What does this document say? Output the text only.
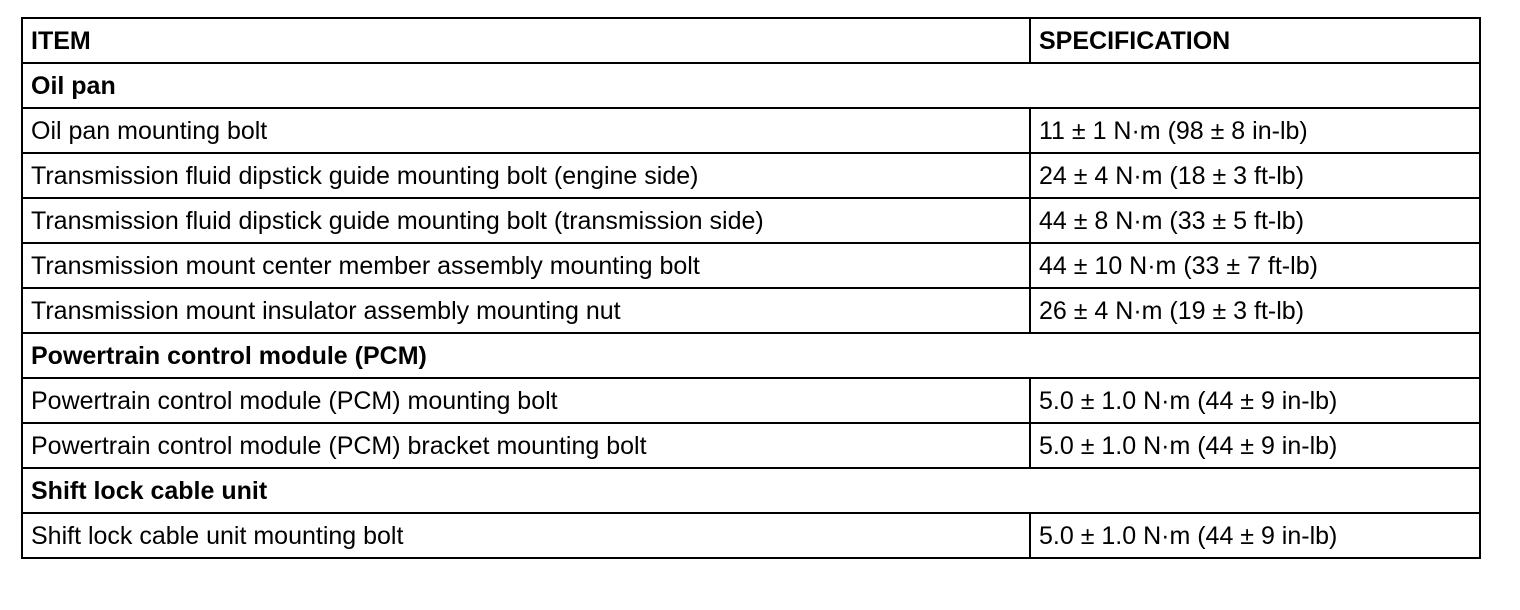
ITEM	SPECIFICATION
Oil pan	
Oil pan mounting bolt	11 ± 1 N·m (98 ± 8 in-lb)
Transmission fluid dipstick guide mounting bolt (engine side)	24 ± 4 N·m (18 ± 3 ft-lb)
Transmission fluid dipstick guide mounting bolt (transmission side)	44 ± 8 N·m (33 ± 5 ft-lb)
Transmission mount center member assembly mounting bolt	44 ± 10 N·m (33 ± 7 ft-lb)
Transmission mount insulator assembly mounting nut	26 ± 4 N·m (19 ± 3 ft-lb)
Powertrain control module (PCM)	
Powertrain control module (PCM) mounting bolt	5.0 ± 1.0 N·m (44 ± 9 in-lb)
Powertrain control module (PCM) bracket mounting bolt	5.0 ± 1.0 N·m (44 ± 9 in-lb)
Shift lock cable unit	
Shift lock cable unit mounting bolt	5.0 ± 1.0 N·m (44 ± 9 in-lb)
